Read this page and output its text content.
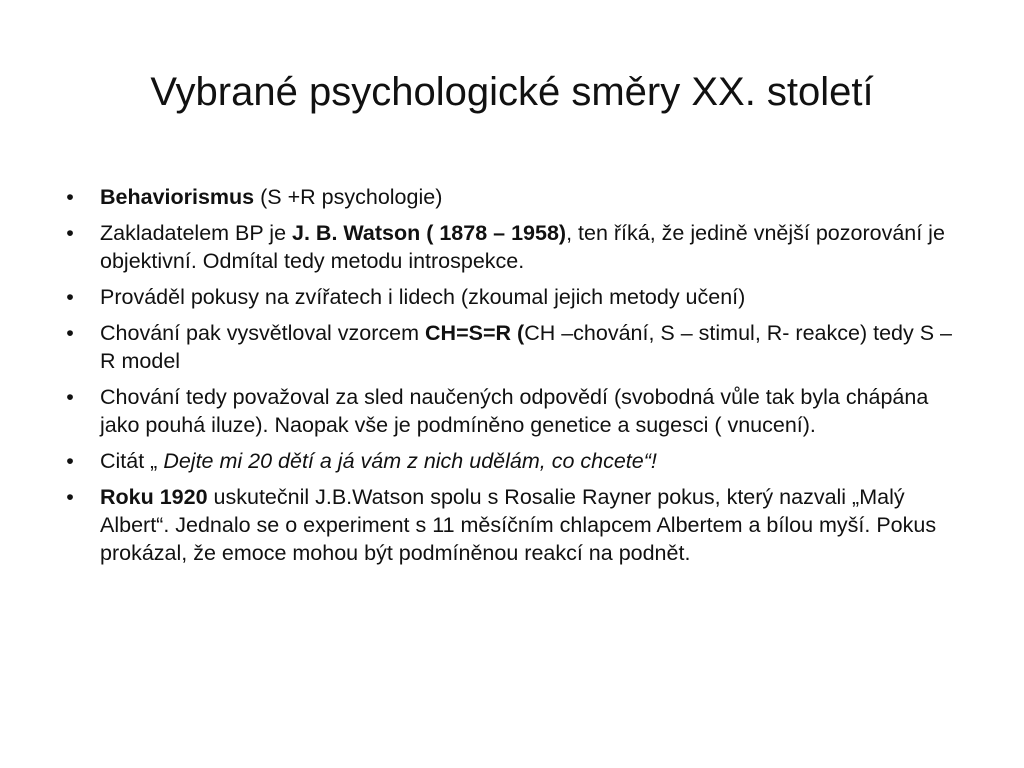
Vybrané psychologické směry XX. století
• Behaviorismus (S +R psychologie)
• Zakladatelem BP je J. B. Watson ( 1878 – 1958), ten říká, že jedině vnější pozorování je objektivní. Odmítal tedy metodu introspekce.
• Prováděl pokusy na zvířatech i lidech (zkoumal jejich metody učení)
• Chování pak vysvětloval vzorcem CH=S=R (CH –chování, S – stimul, R- reakce) tedy S – R model
• Chování tedy považoval za sled naučených odpovědí (svobodná vůle tak byla chápána jako pouhá iluze). Naopak vše je podmíněno genetice a sugesci ( vnucení).
• Citát „ Dejte mi 20 dětí a já vám z nich udělám, co chcete“!
• Roku 1920 uskutečnil J.B.Watson spolu s Rosalie Rayner pokus, který nazvali „Malý Albert“. Jednalo se o experiment s 11 měsíčním chlapcem Albertem a bílou myší. Pokus prokázal, že emoce mohou být podmíněnou reakcí na podnět.
